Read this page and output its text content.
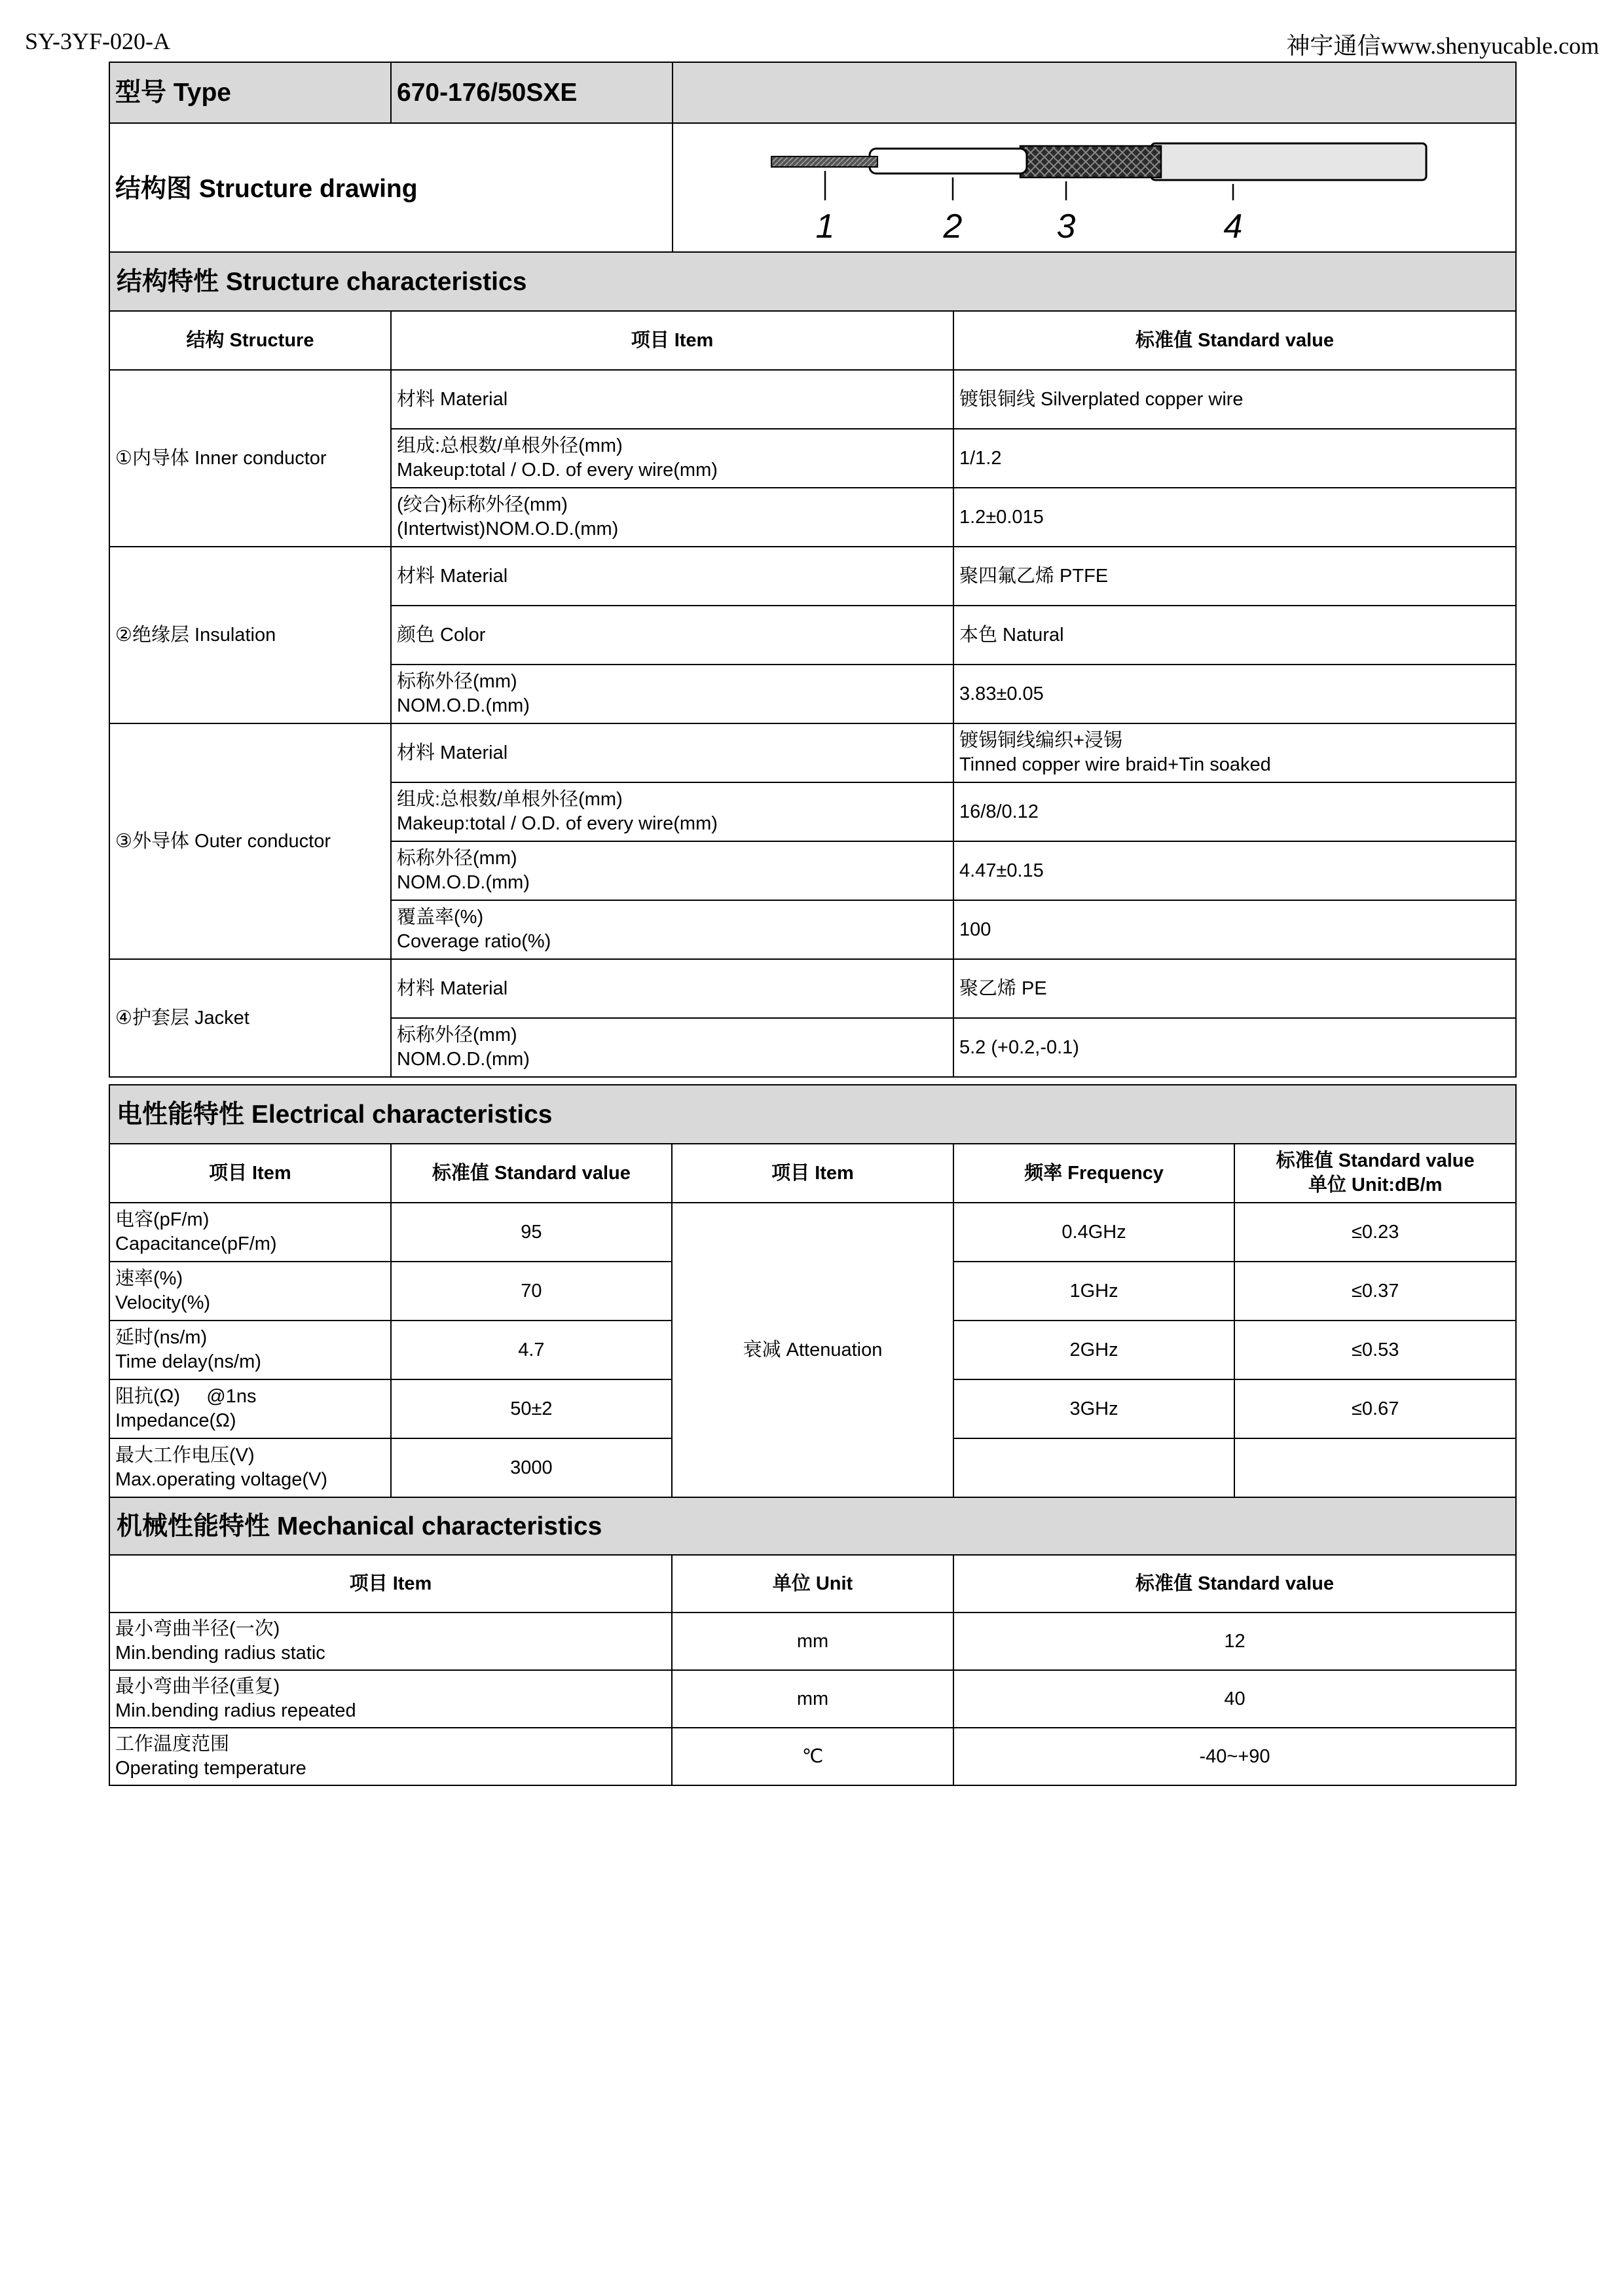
SY-3YF-020-A	神宇通信www.shenyucable.com
型号 Type	670-176/50SXE	
结构图 Structure drawing		1 2 3 4
结构特性 Structure characteristics		
结构 Structure	项目 Item	标准值 Standard value
①内导体 Inner conductor	材料 Material	镀银铜线 Silverplated copper wire

	组成:总根数/单根外径(mm)
Makeup:total / O.D. of every wire(mm)	1/1.2

	(绞合)标称外径(mm)
(Intertwist)NOM.O.D.(mm)	1.2±0.015

②绝缘层 Insulation	材料 Material	聚四氟乙烯 PTFE

	颜色 Color	本色 Natural

	标称外径(mm)
NOM.O.D.(mm)	3.83±0.05

③外导体 Outer conductor	材料 Material	镀锡铜线编织+浸锡
Tinned copper wire braid+Tin soaked

	组成:总根数/单根外径(mm)
Makeup:total / O.D. of every wire(mm)	16/8/0.12

	标称外径(mm)
NOM.O.D.(mm)	4.47±0.15

	覆盖率(%)
Coverage ratio(%)	100

④护套层 Jacket	材料 Material	聚乙烯 PE

	标称外径(mm)
NOM.O.D.(mm)	5.2 (+0.2,-0.1)
电性能特性 Electrical characteristics				
项目 Item	标准值 Standard value	项目 Item	频率 Frequency	标准值 Standard value
单位 Unit:dB/m

电容(pF/m)
Capacitance(pF/m)	95	衰减 Attenuation	0.4GHz	≤0.23

速率(%)
Velocity(%)	70		1GHz	≤0.37

延时(ns/m)
Time delay(ns/m)	4.7		2GHz	≤0.53

阻抗(Ω)     @1ns
Impedance(Ω)	50±2		3GHz	≤0.67

最大工作电压(V)
Max.operating voltage(V)	3000			
机械性能特性 Mechanical characteristics		
项目 Item	单位 Unit	标准值 Standard value

最小弯曲半径(一次)
Min.bending radius static	mm	12

最小弯曲半径(重复)
Min.bending radius repeated	mm	40

工作温度范围
Operating temperature	℃	-40~+90
